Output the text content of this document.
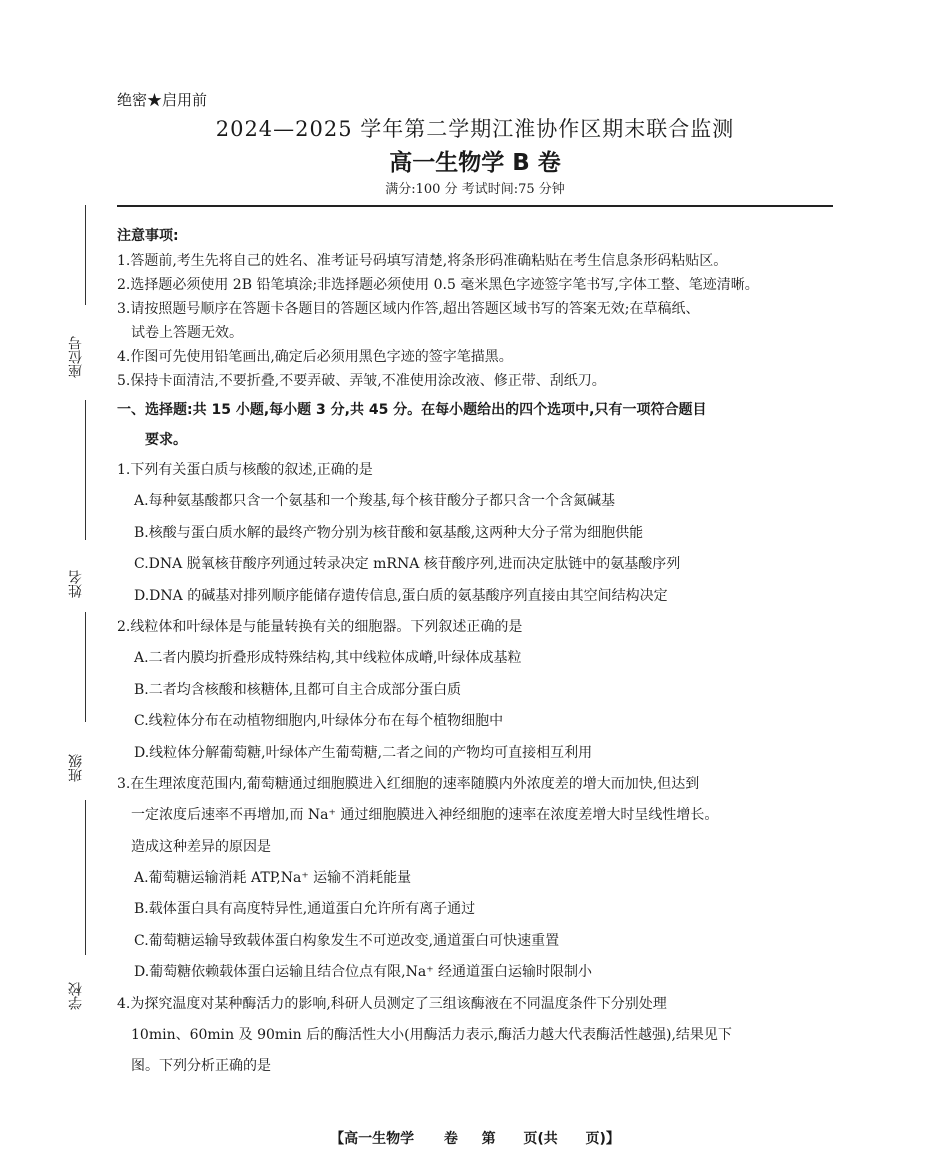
绝密★启用前
2024—2025 学年第二学期江淮协作区期末联合监测
高一生物学 B 卷
满分:100 分 考试时间:75 分钟
座位号
姓名
班级
学校
注意事项:
1.答题前,考生先将自己的姓名、准考证号码填写清楚,将条形码准确粘贴在考生信息条形码粘贴区。
2.选择题必须使用 2B 铅笔填涂;非选择题必须使用 0.5 毫米黑色字迹签字笔书写,字体工整、笔迹清晰。
3.请按照题号顺序在答题卡各题目的答题区域内作答,超出答题区域书写的答案无效;在草稿纸、
试卷上答题无效。
4.作图可先使用铅笔画出,确定后必须用黑色字迹的签字笔描黑。
5.保持卡面清洁,不要折叠,不要弄破、弄皱,不准使用涂改液、修正带、刮纸刀。
一、选择题:共 15 小题,每小题 3 分,共 45 分。在每小题给出的四个选项中,只有一项符合题目
要求。
1.下列有关蛋白质与核酸的叙述,正确的是
A.每种氨基酸都只含一个氨基和一个羧基,每个核苷酸分子都只含一个含氮碱基
B.核酸与蛋白质水解的最终产物分别为核苷酸和氨基酸,这两种大分子常为细胞供能
C.DNA 脱氧核苷酸序列通过转录决定 mRNA 核苷酸序列,进而决定肽链中的氨基酸序列
D.DNA 的碱基对排列顺序能储存遗传信息,蛋白质的氨基酸序列直接由其空间结构决定
2.线粒体和叶绿体是与能量转换有关的细胞器。下列叙述正确的是
A.二者内膜均折叠形成特殊结构,其中线粒体成嵴,叶绿体成基粒
B.二者均含核酸和核糖体,且都可自主合成部分蛋白质
C.线粒体分布在动植物细胞内,叶绿体分布在每个植物细胞中
D.线粒体分解葡萄糖,叶绿体产生葡萄糖,二者之间的产物均可直接相互利用
3.在生理浓度范围内,葡萄糖通过细胞膜进入红细胞的速率随膜内外浓度差的增大而加快,但达到
一定浓度后速率不再增加,而 Na⁺ 通过细胞膜进入神经细胞的速率在浓度差增大时呈线性增长。
造成这种差异的原因是
A.葡萄糖运输消耗 ATP,Na⁺ 运输不消耗能量
B.载体蛋白具有高度特异性,通道蛋白允许所有离子通过
C.葡萄糖运输导致载体蛋白构象发生不可逆改变,通道蛋白可快速重置
D.葡萄糖依赖载体蛋白运输且结合位点有限,Na⁺ 经通道蛋白运输时限制小
4.为探究温度对某种酶活力的影响,科研人员测定了三组该酶液在不同温度条件下分别处理
10min、60min 及 90min 后的酶活性大小(用酶活力表示,酶活力越大代表酶活性越强),结果见下
图。下列分析正确的是
【高一生物学 卷 第 页(共 页)】
